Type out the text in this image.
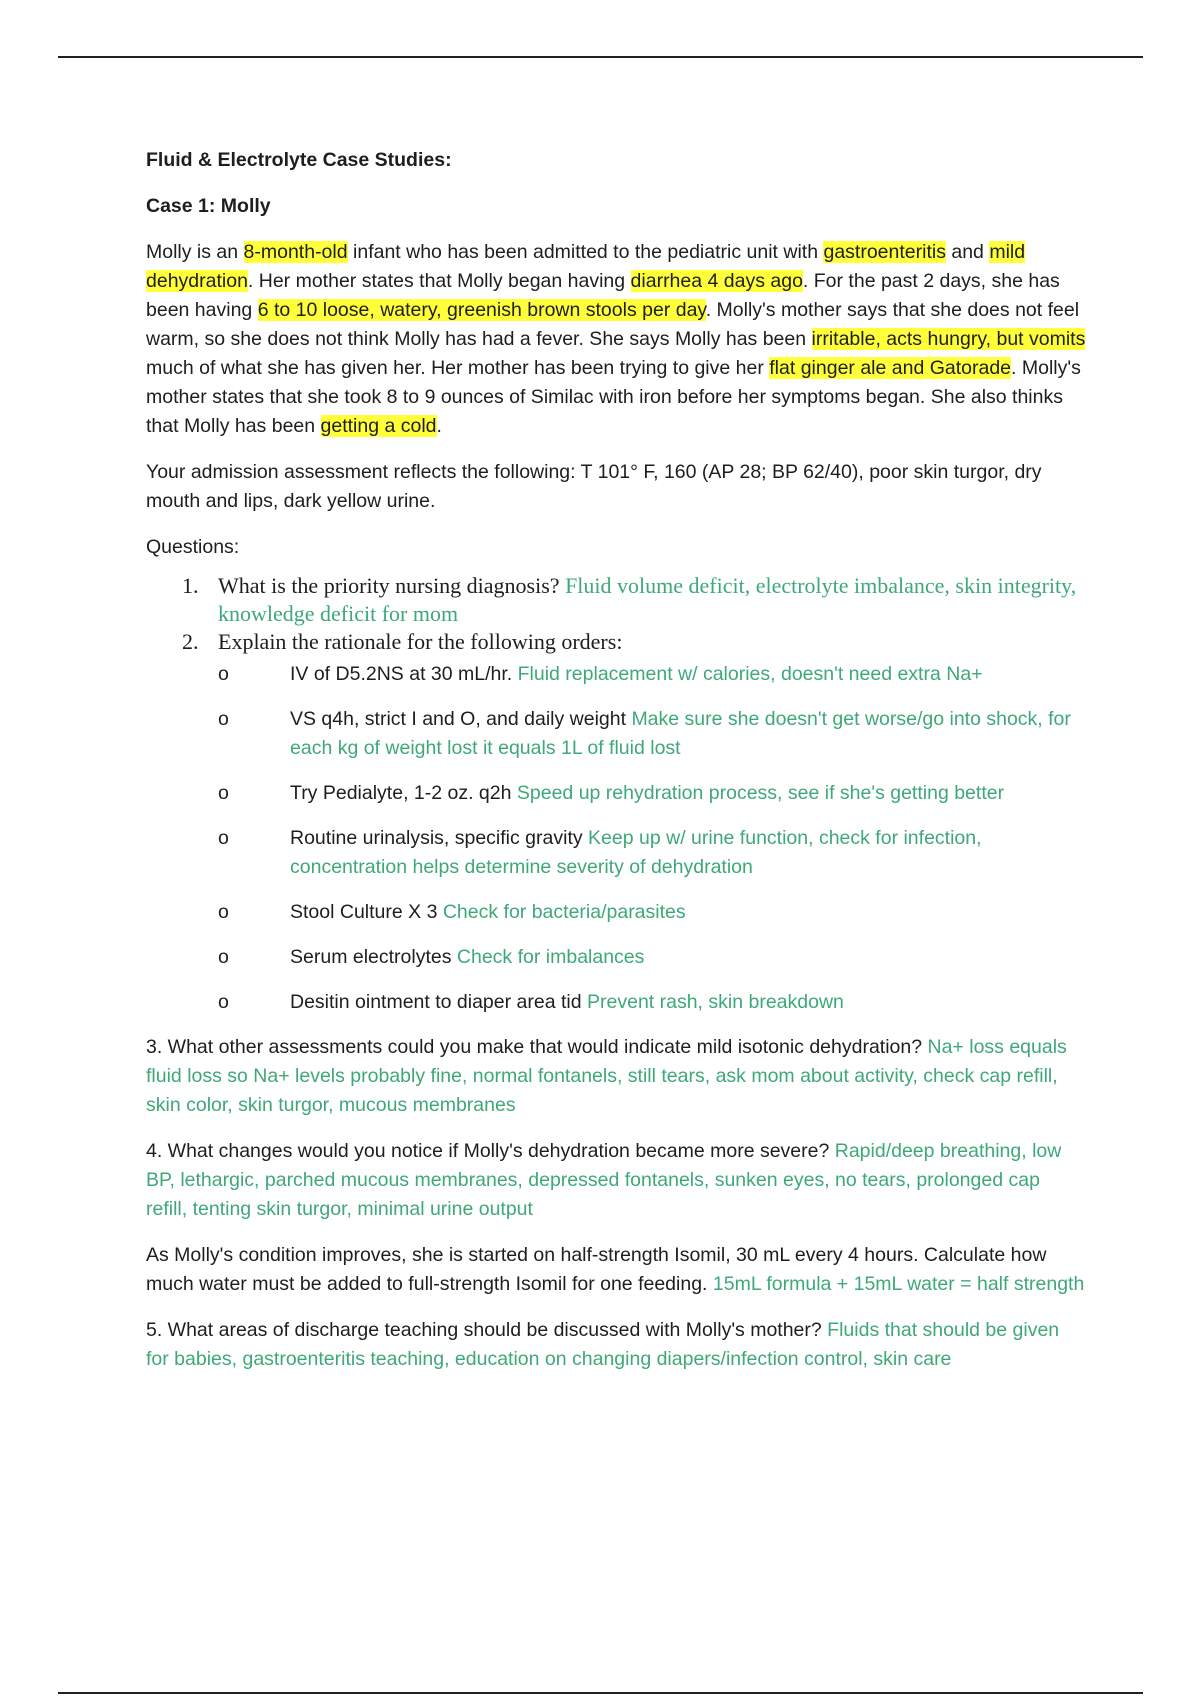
Fluid & Electrolyte Case Studies:

Case 1: Molly

Molly is an 8-month-old infant who has been admitted to the pediatric unit with gastroenteritis and mild dehydration. Her mother states that Molly began having diarrhea 4 days ago. For the past 2 days, she has been having 6 to 10 loose, watery, greenish brown stools per day. Molly's mother says that she does not feel warm, so she does not think Molly has had a fever. She says Molly has been irritable, acts hungry, but vomits much of what she has given her. Her mother has been trying to give her flat ginger ale and Gatorade. Molly's mother states that she took 8 to 9 ounces of Similac with iron before her symptoms began. She also thinks that Molly has been getting a cold.

Your admission assessment reflects the following: T 101° F, 160 (AP 28; BP 62/40), poor skin turgor, dry mouth and lips, dark yellow urine.

Questions:

1. What is the priority nursing diagnosis? Fluid volume deficit, electrolyte imbalance, skin integrity, knowledge deficit for mom
2. Explain the rationale for the following orders:
o	IV of D5.2NS at 30 mL/hr. Fluid replacement w/ calories, doesn't need extra Na+
o	VS q4h, strict I and O, and daily weight Make sure she doesn't get worse/go into shock, for each kg of weight lost it equals 1L of fluid lost
o	Try Pedialyte, 1-2 oz. q2h Speed up rehydration process, see if she's getting better
o	Routine urinalysis, specific gravity Keep up w/ urine function, check for infection, concentration helps determine severity of dehydration
o	Stool Culture X 3 Check for bacteria/parasites
o	Serum electrolytes Check for imbalances
o	Desitin ointment to diaper area tid Prevent rash, skin breakdown

3. What other assessments could you make that would indicate mild isotonic dehydration? Na+ loss equals fluid loss so Na+ levels probably fine, normal fontanels, still tears, ask mom about activity, check cap refill, skin color, skin turgor, mucous membranes

4. What changes would you notice if Molly's dehydration became more severe? Rapid/deep breathing, low BP, lethargic, parched mucous membranes, depressed fontanels, sunken eyes, no tears, prolonged cap refill, tenting skin turgor, minimal urine output

As Molly's condition improves, she is started on half-strength Isomil, 30 mL every 4 hours. Calculate how much water must be added to full-strength Isomil for one feeding. 15mL formula + 15mL water = half strength

5. What areas of discharge teaching should be discussed with Molly's mother? Fluids that should be given for babies, gastroenteritis teaching, education on changing diapers/infection control, skin care
